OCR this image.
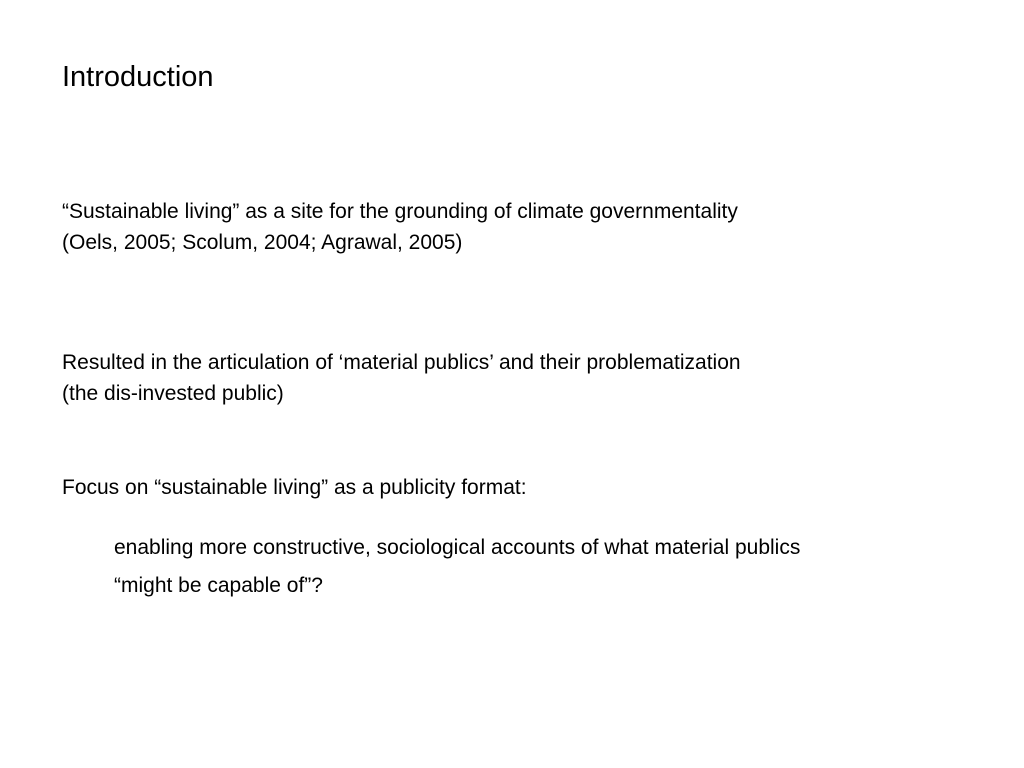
Introduction

“Sustainable living” as a site for the grounding of climate governmentality
(Oels, 2005; Scolum, 2004; Agrawal, 2005)

Resulted in the articulation of ‘material publics’ and their problematization
(the dis-invested public)

Focus on “sustainable living” as a publicity format:

enabling more constructive, sociological accounts of what material publics
“might be capable of”?
